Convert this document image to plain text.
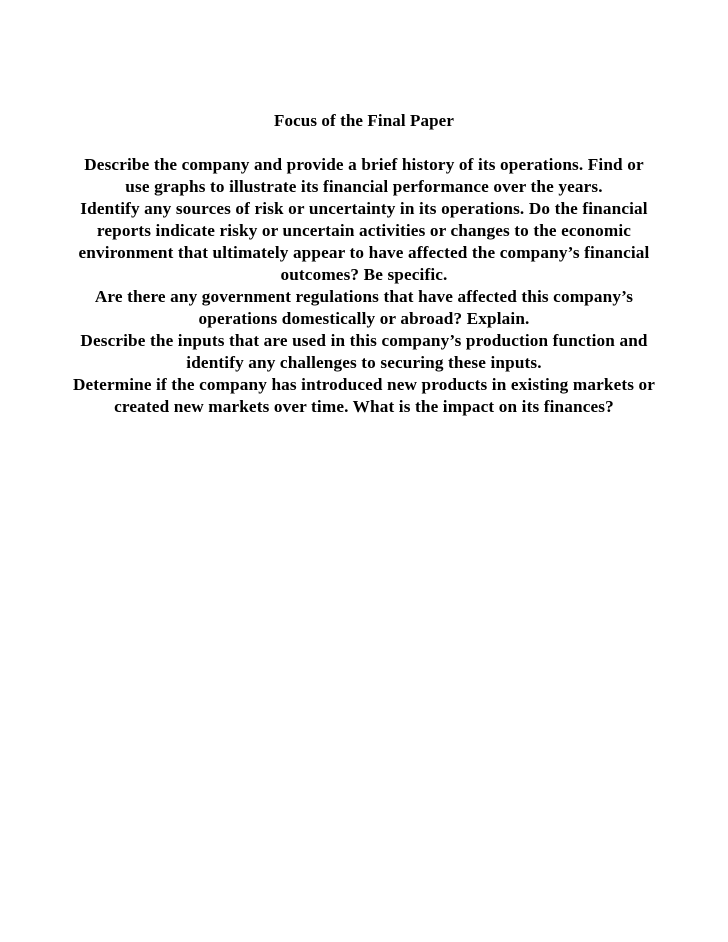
Focus of the Final Paper

Describe the company and provide a brief history of its operations. Find or use graphs to illustrate its financial performance over the years.

Identify any sources of risk or uncertainty in its operations. Do the financial reports indicate risky or uncertain activities or changes to the economic environment that ultimately appear to have affected the company’s financial outcomes? Be specific.

Are there any government regulations that have affected this company’s operations domestically or abroad? Explain.

Describe the inputs that are used in this company’s production function and identify any challenges to securing these inputs.

Determine if the company has introduced new products in existing markets or created new markets over time. What is the impact on its finances?
